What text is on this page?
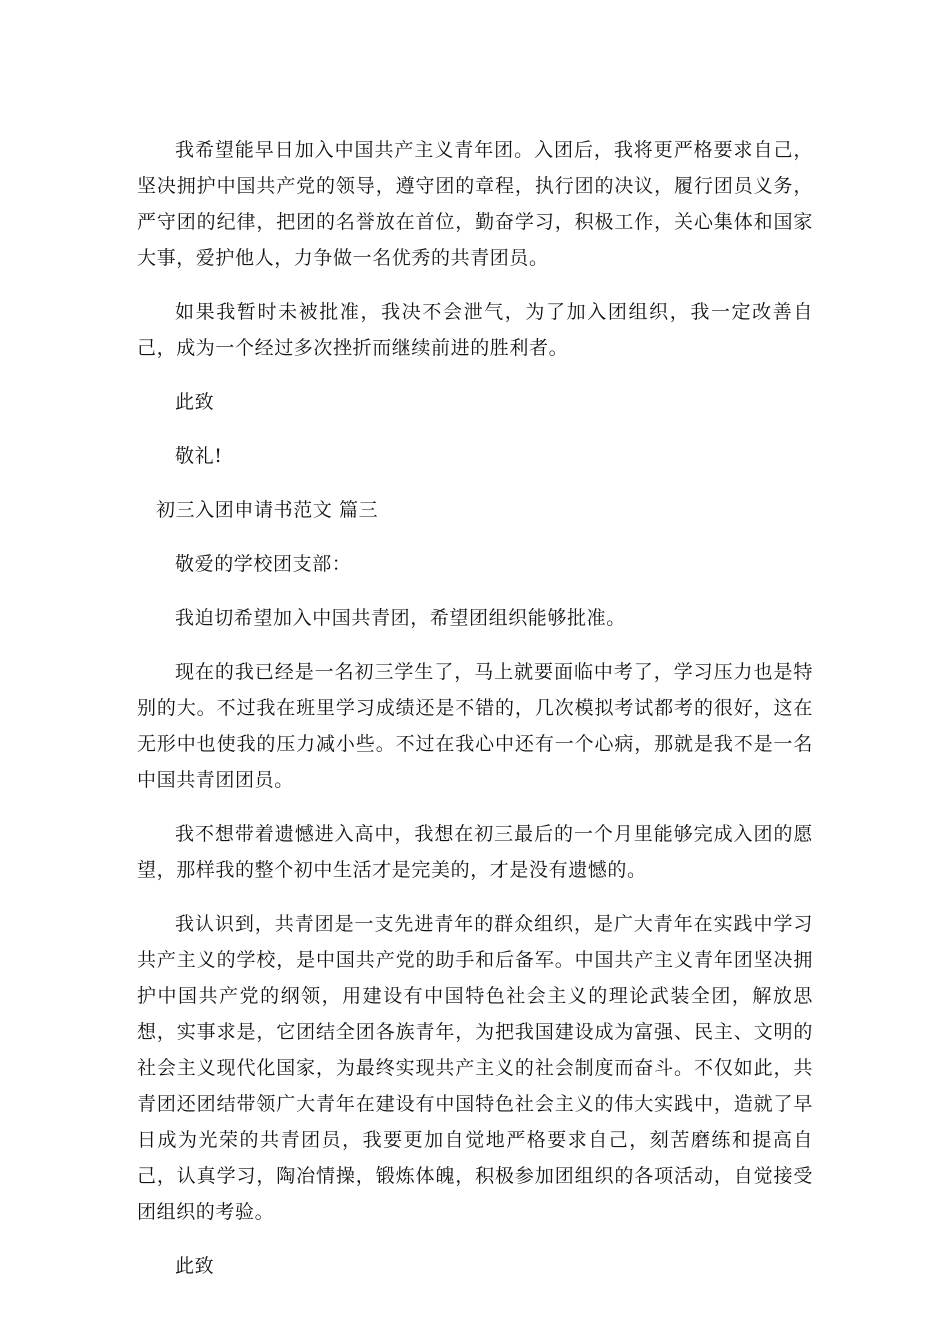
我希望能早日加入中国共产主义青年团。入团后，我将更严格要求自己，坚决拥护中国共产党的领导，遵守团的章程，执行团的决议，履行团员义务，严守团的纪律，把团的名誉放在首位，勤奋学习，积极工作，关心集体和国家大事，爱护他人，力争做一名优秀的共青团员。

如果我暂时未被批准，我决不会泄气，为了加入团组织，我一定改善自己，成为一个经过多次挫折而继续前进的胜利者。

此致

敬礼!

初三入团申请书范文 篇三

敬爱的学校团支部：

我迫切希望加入中国共青团，希望团组织能够批准。

现在的我已经是一名初三学生了，马上就要面临中考了，学习压力也是特别的大。不过我在班里学习成绩还是不错的，几次模拟考试都考的很好，这在无形中也使我的压力减小些。不过在我心中还有一个心病，那就是我不是一名中国共青团团员。

我不想带着遗憾进入高中，我想在初三最后的一个月里能够完成入团的愿望，那样我的整个初中生活才是完美的，才是没有遗憾的。

我认识到，共青团是一支先进青年的群众组织，是广大青年在实践中学习共产主义的学校，是中国共产党的助手和后备军。中国共产主义青年团坚决拥护中国共产党的纲领，用建设有中国特色社会主义的理论武装全团，解放思想，实事求是，它团结全团各族青年，为把我国建设成为富强、民主、文明的社会主义现代化国家，为最终实现共产主义的社会制度而奋斗。不仅如此，共青团还团结带领广大青年在建设有中国特色社会主义的伟大实践中，造就了早日成为光荣的共青团员，我要更加自觉地严格要求自己，刻苦磨练和提高自己，认真学习，陶冶情操，锻炼体魄，积极参加团组织的各项活动，自觉接受团组织的考验。

此致
